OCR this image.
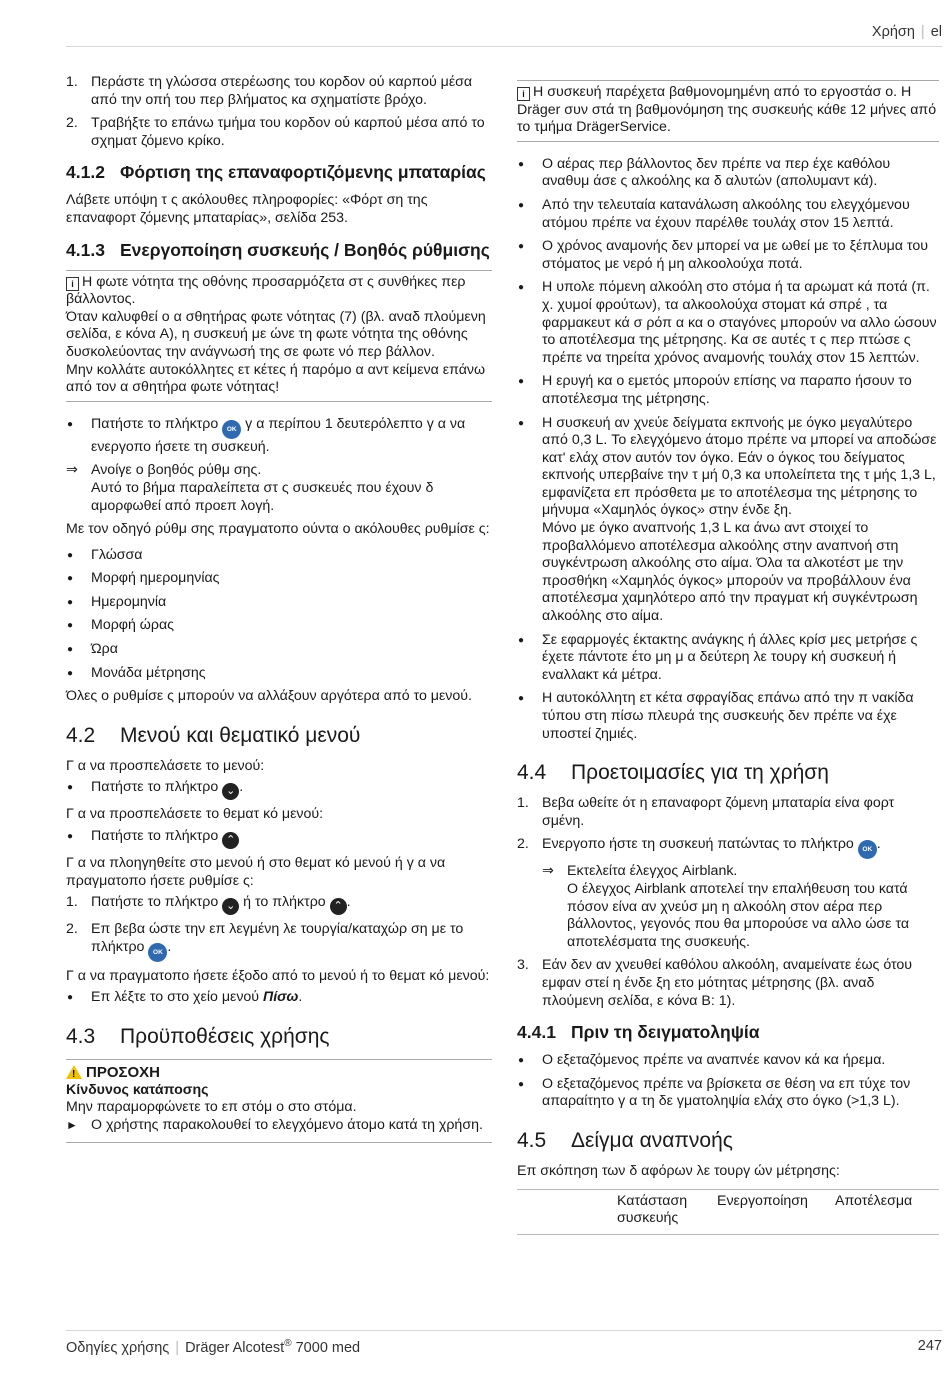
Χρήση | el
1. Περάστε τη γλώσσα στερέωσης του κορδον ού καρπού μέσα από την οπή του περ βλήματος κα σχηματίστε βρόχο.
2. Τραβήξτε το επάνω τμήμα του κορδον ού καρπού μέσα από το σχηματ ζόμενο κρίκο.
4.1.2 Φόρτιση της επαναφορτιζόμενης μπαταρίας

Λάβετε υπόψη τ ς ακόλουθες πληροφορίες: «Φόρτ ση της επαναφορτ ζόμενης μπαταρίας», σελίδα 253.

4.1.3 Ενεργοποίηση συσκευής / Βοηθός ρύθμισης
i Η φωτε νότητα της οθόνης προσαρμόζετα στ ς συνθήκες περ βάλλοντος.
Όταν καλυφθεί ο α σθητήρας φωτε νότητας (7) (βλ. αναδ πλούμενη σελίδα, ε κόνα A), η συσκευή με ώνε τη φωτε νότητα της οθόνης δυσκολεύοντας την ανάγνωσή της σε φωτε νό περ βάλλον.
Μην κολλάτε αυτοκόλλητες ετ κέτες ή παρόμο α αντ κείμενα επάνω από τον α σθητήρα φωτε νότητας!
● Πατήστε το πλήκτρο OK γ α περίπου 1 δευτερόλεπτο γ α να ενεργοπο ήσετε τη συσκευή.
⇒ Ανοίγε ο βοηθός ρύθμ σης.
Αυτό το βήμα παραλείπετα στ ς συσκευές που έχουν δ αμορφωθεί από προεπ λογή.

Με τον οδηγό ρύθμ σης πραγματοπο ούντα ο ακόλουθες ρυθμίσε ς:

● Γλώσσα
● Μορφή ημερομηνίας
● Ημερομηνία
● Μορφή ώρας
● Ώρα
● Μονάδα μέτρησης

Όλες ο ρυθμίσε ς μπορούν να αλλάξουν αργότερα από το μενού.

4.2 Μενού και θεματικό μενού

Γ α να προσπελάσετε το μενού:

● Πατήστε το πλήκτρο ⌄ .

Γ α να προσπελάσετε το θεματ κό μενού:

● Πατήστε το πλήκτρο ⌃

Γ α να πλοηγηθείτε στο μενού ή στο θεματ κό μενού ή γ α να πραγματοπο ήσετε ρυθμίσε ς:

1. Πατήστε το πλήκτρο ⌄ ή το πλήκτρο ⌃ .
2. Επ βεβα ώστε την επ λεγμένη λε τουργία/καταχώρ ση με το πλήκτρο OK .

Γ α να πραγματοπο ήσετε έξοδο από το μενού ή το θεματ κό μενού:

● Επ λέξτε το στο χείο μενού Πίσω.
4.3 Προϋποθέσεις χρήσης
! ΠΡΟΣΟΧΗ
Κίνδυνος κατάποσης
Μην παραμορφώνετε το επ στόμ ο στο στόμα.
► Ο χρήστης παρακολουθεί το ελεγχόμενο άτομο κατά τη χρήση.
i Η συσκευή παρέχετα βαθμονομημένη από το εργοστάσ ο. Η Dräger συν στά τη βαθμονόμηση της συσκευής κάθε 12 μήνες από το τμήμα DrägerService.
● Ο αέρας περ βάλλοντος δεν πρέπε να περ έχε καθόλου αναθυμ άσε ς αλκοόλης κα δ αλυτών (απολυμαντ κά).
● Από την τελευταία κατανάλωση αλκοόλης του ελεγχόμενου ατόμου πρέπε να έχουν παρέλθε τουλάχ στον 15 λεπτά.
● Ο χρόνος αναμονής δεν μπορεί να με ωθεί με το ξέπλυμα του στόματος με νερό ή μη αλκοολούχα ποτά.
● Η υπολε πόμενη αλκοόλη στο στόμα ή τα αρωματ κά ποτά (π. χ. χυμοί φρούτων), τα αλκοολούχα στοματ κά σπρέ , τα φαρμακευτ κά σ ρόπ α κα ο σταγόνες μπορούν να αλλο ώσουν το αποτέλεσμα της μέτρησης. Κα σε αυτές τ ς περ πτώσε ς πρέπε να τηρείτα χρόνος αναμονής τουλάχ στον 15 λεπτών.
● Η ερυγή κα ο εμετός μπορούν επίσης να παραπο ήσουν το αποτέλεσμα της μέτρησης.
● Η συσκευή αν χνεύε δείγματα εκπνοής με όγκο μεγαλύτερο από 0,3 L. Το ελεγχόμενο άτομο πρέπε να μπορεί να αποδώσε κατ' ελάχ στον αυτόν τον όγκο. Εάν ο όγκος του δείγματος εκπνοής υπερβαίνε την τ μή 0,3 κα υπολείπετα της τ μής 1,3 L, εμφανίζετα επ πρόσθετα με το αποτέλεσμα της μέτρησης το μήνυμα «Χαμηλός όγκος» στην ένδε ξη.
Μόνο με όγκο αναπνοής 1,3 L κα άνω αντ στοιχεί το προβαλλόμενο αποτέλεσμα αλκοόλης στην αναπνοή στη συγκέντρωση αλκοόλης στο αίμα. Όλα τα αλκοτέστ με την προσθήκη «Χαμηλός όγκος» μπορούν να προβάλλουν ένα αποτέλεσμα χαμηλότερο από την πραγματ κή συγκέντρωση αλκοόλης στο αίμα.
● Σε εφαρμογές έκτακτης ανάγκης ή άλλες κρίσ μες μετρήσε ς έχετε πάντοτε έτο μη μ α δεύτερη λε τουργ κή συσκευή ή εναλλακτ κά μέτρα.
● Η αυτοκόλλητη ετ κέτα σφραγίδας επάνω από την π νακίδα τύπου στη πίσω πλευρά της συσκευής δεν πρέπε να έχε υποστεί ζημιές.
4.4 Προετοιμασίες για τη χρήση
1. Βεβα ωθείτε ότ η επαναφορτ ζόμενη μπαταρία είνα φορτ σμένη.
2. Ενεργοπο ήστε τη συσκευή πατώντας το πλήκτρο OK .
⇒ Εκτελείτα έλεγχος Airblank.
Ο έλεγχος Airblank αποτελεί την επαλήθευση του κατά πόσον είνα αν χνεύσ μη η αλκοόλη στον αέρα περ βάλλοντος, γεγονός που θα μπορούσε να αλλο ώσε τα αποτελέσματα της συσκευής.
3. Εάν δεν αν χνευθεί καθόλου αλκοόλη, αναμείνατε έως ότου εμφαν στεί η ένδε ξη ετο μότητας μέτρησης (βλ. αναδ πλούμενη σελίδα, ε κόνα B: 1).
4.4.1 Πριν τη δειγματοληψία
● Ο εξεταζόμενος πρέπε να αναπνέε κανον κά κα ήρεμα.
● Ο εξεταζόμενος πρέπε να βρίσκετα σε θέση να επ τύχε τον απαραίτητο γ α τη δε γματοληψία ελάχ στο όγκο (>1,3 L).
4.5 Δείγμα αναπνοής

Επ σκόπηση των δ αφόρων λε τουργ ών μέτρησης:

Κατάσταση συσκευής
Ενεργοποίηση	Αποτέλεσμα
Οδηγίες χρήσης | Dräger Alcotest® 7000 med	247
